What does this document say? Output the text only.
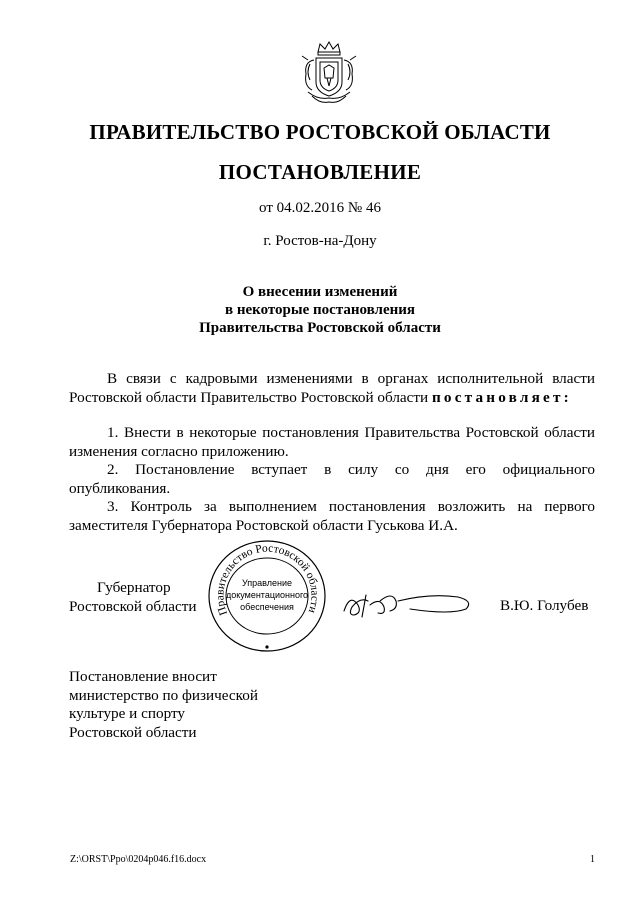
ПРАВИТЕЛЬСТВО РОСТОВСКОЙ ОБЛАСТИ
ПОСТАНОВЛЕНИЕ
от 04.02.2016 № 46
г. Ростов-на-Дону
О внесении изменений
в некоторые постановления
Правительства Ростовской области
В связи с кадровыми изменениями в органах исполнительной власти Ростовской области Правительство Ростовской области постановляет:

1. Внести в некоторые постановления Правительства Ростовской области изменения согласно приложению.

2. Постановление вступает в силу со дня его официального опубликования.

3. Контроль за выполнением постановления возложить на первого заместителя Губернатора Ростовской области Гуськова И.А.

Губернатор
Ростовской области	Правительство Ростовской области
Управление
документационного
обеспечения	В.Ю. Голубев
Постановление вносит
министерство по физической
культуре и спорту
Ростовской области
Z:\ORST\Ppo\0204p046.f16.docx	1
